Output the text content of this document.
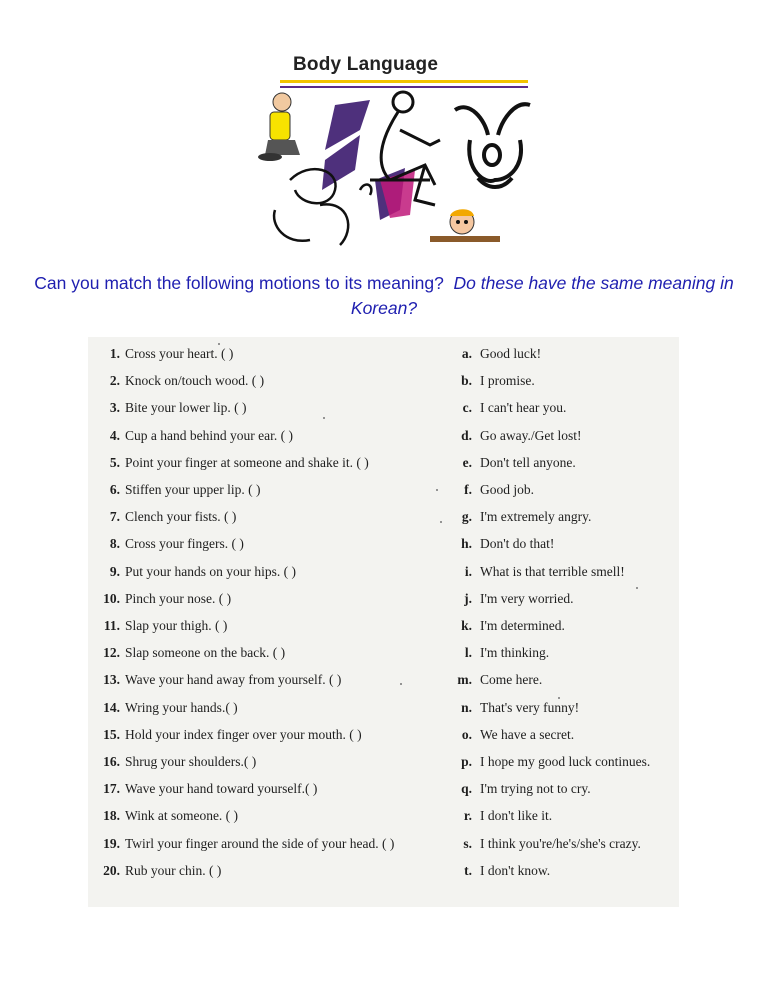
Body Language
Can you match the following motions to its meaning? Do these have the same meaning in Korean?
1. Cross your heart. ( )	a. Good luck!
2. Knock on/touch wood. ( )	b. I promise.
3. Bite your lower lip. ( )	c. I can't hear you.
4. Cup a hand behind your ear. ( )	d. Go away./Get lost!
5. Point your finger at someone and shake it. ( )	e. Don't tell anyone.
6. Stiffen your upper lip. ( )	f. Good job.
7. Clench your fists. ( )	g. I'm extremely angry.
8. Cross your fingers. ( )	h. Don't do that!
9. Put your hands on your hips. ( )	i. What is that terrible smell!
10. Pinch your nose. ( )	j. I'm very worried.
11. Slap your thigh. ( )	k. I'm determined.
12. Slap someone on the back. ( )	l. I'm thinking.
13. Wave your hand away from yourself. ( )	m. Come here.
14. Wring your hands.( )	n. That's very funny!
15. Hold your index finger over your mouth. ( )	o. We have a secret.
16. Shrug your shoulders.( )	p. I hope my good luck continues.
17. Wave your hand toward yourself.( )	q. I'm trying not to cry.
18. Wink at someone. ( )	r. I don't like it.
19. Twirl your finger around the side of your head. ( )	s. I think you're/he's/she's crazy.
20. Rub your chin. ( )	t. I don't know.
